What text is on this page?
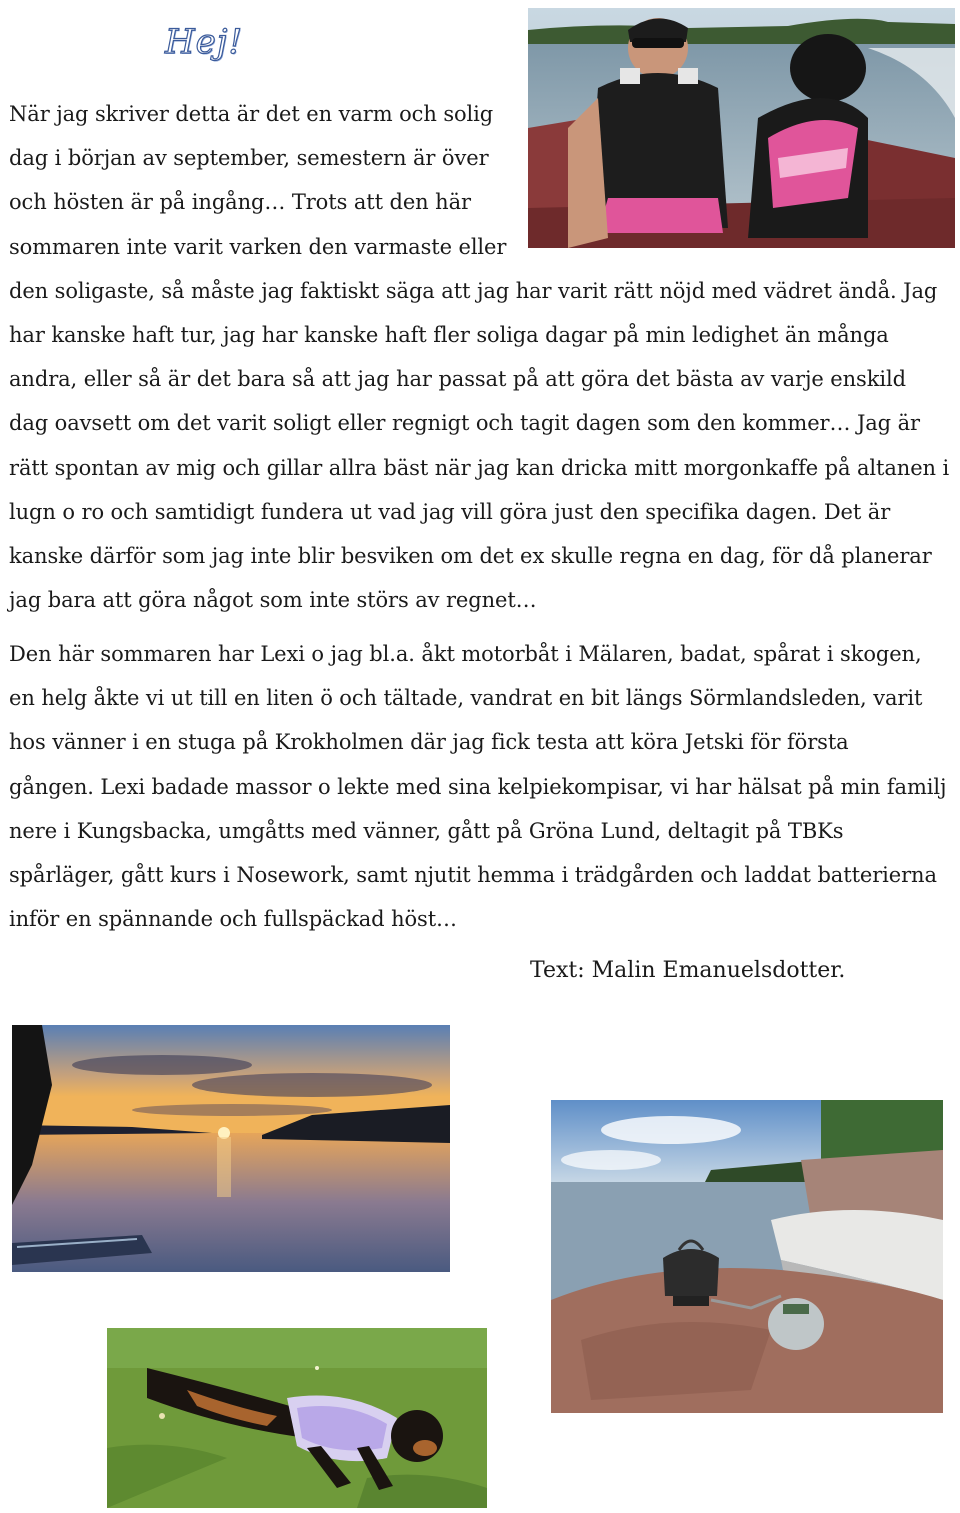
Hej!
När jag skriver detta är det en varm och solig
dag i början av september, semestern är över
och hösten är på ingång… Trots att den här
sommaren inte varit varken den varmaste eller
den soligaste, så måste jag faktiskt säga att jag har varit rätt nöjd med vädret ändå. Jag
har kanske haft tur, jag har kanske haft fler soliga dagar på min ledighet än många
andra, eller så är det bara så att jag har passat på att göra det bästa av varje enskild
dag oavsett om det varit soligt eller regnigt och tagit dagen som den kommer… Jag är
rätt spontan av mig och gillar allra bäst när jag kan dricka mitt morgonkaffe på altanen i
lugn o ro och samtidigt fundera ut vad jag vill göra just den specifika dagen. Det är
kanske därför som jag inte blir besviken om det ex skulle regna en dag, för då planerar
jag bara att göra något som inte störs av regnet…
Den här sommaren har Lexi o jag bl.a. åkt motorbåt i Mälaren, badat, spårat i skogen,
en helg åkte vi ut till en liten ö och tältade, vandrat en bit längs Sörmlandsleden, varit
hos vänner i en stuga på Krokholmen där jag fick testa att köra Jetski för första
gången. Lexi badade massor o lekte med sina kelpiekompisar, vi har hälsat på min familj
nere i Kungsbacka, umgåtts med vänner, gått på Gröna Lund, deltagit på TBKs
spårläger, gått kurs i Nosework, samt njutit hemma i trädgården och laddat batterierna
inför en spännande och fullspäckad höst…
Text: Malin Emanuelsdotter.
